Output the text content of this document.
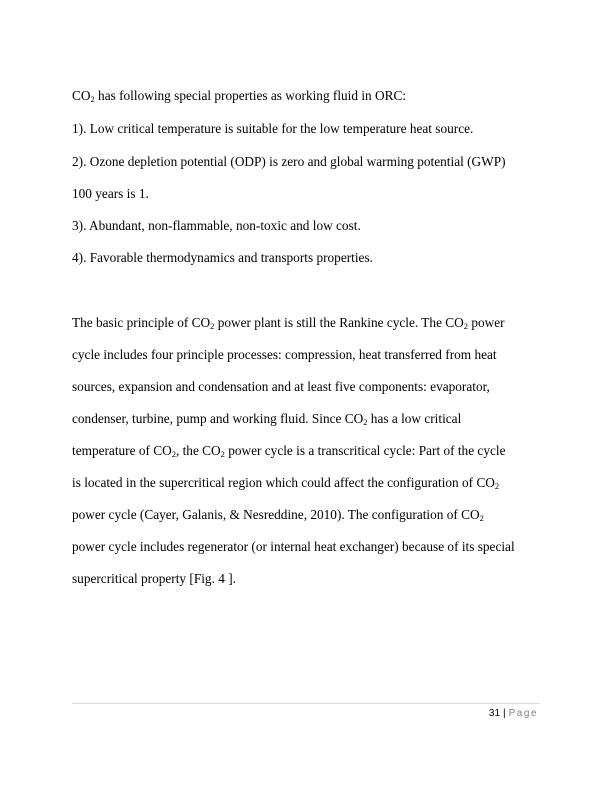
$CO_2$ has following special properties as working fluid in ORC:
1). Low critical temperature is suitable for the low temperature heat source.
2). Ozone depletion potential (ODP) is zero and global warming potential (GWP)
100 years is 1.
3). Abundant, non-flammable, non-toxic and low cost.
4). Favorable thermodynamics and transports properties.
The basic principle of $CO_2$ power plant is still the Rankine cycle. The $CO_2$ power
cycle includes four principle processes: compression, heat transferred from heat
sources, expansion and condensation and at least five components: evaporator,
condenser, turbine, pump and working fluid. Since $CO_2$ has a low critical
temperature of $CO_2$, the $CO_2$ power cycle is a transcritical cycle: Part of the cycle
is located in the supercritical region which could affect the configuration of $CO_2$
power cycle (Cayer, Galanis, & Nesreddine, 2010). The configuration of $CO_2$
power cycle includes regenerator (or internal heat exchanger) because of its special
supercritical property [Fig. 4 ].
31 | Page
